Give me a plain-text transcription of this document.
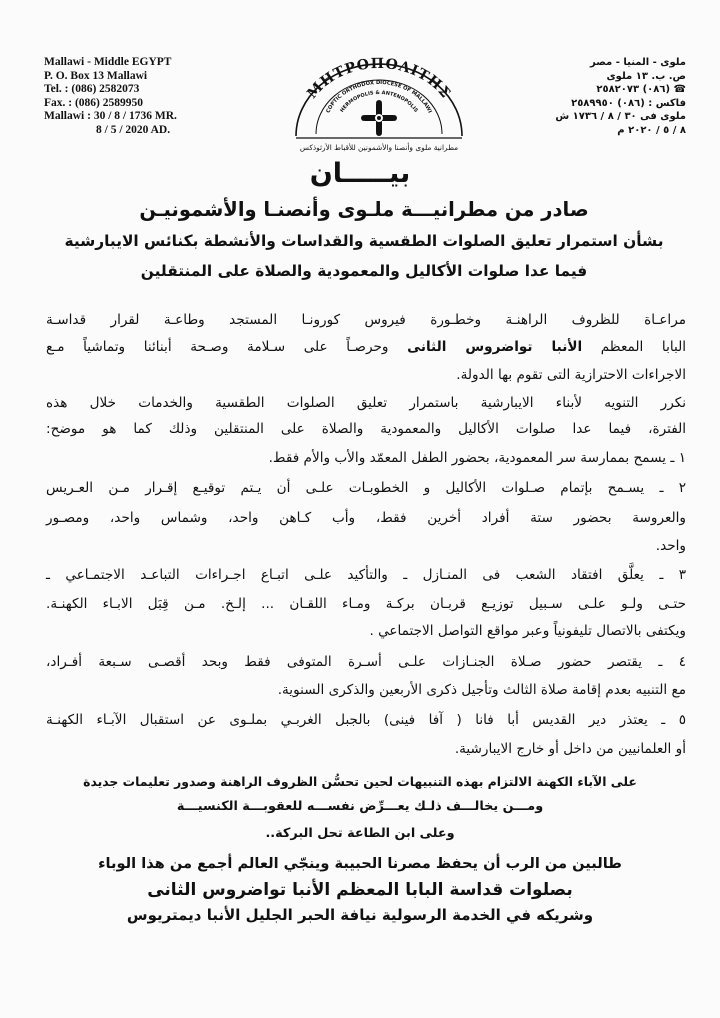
Mallawi - Middle EGYPT
P. O. Box 13 Mallawi
Tel. : (086) 2582073
Fax. : (086) 2589950
Mallawi : 30 / 8 / 1736 MR.
8 / 5 / 2020 AD.
ملوى - المنيا - مصر
ص. ب. ١٣ ملوى
☎ (٠٨٦) ٢٥٨٢٠٧٣
فاكس : (٠٨٦) ٢٥٨٩٩٥٠
ملوى فى ٣٠ / ٨ / ١٧٣٦ ش
٨ / ٥ / ٢٠٢٠ م
ΜΗΤΡΟΠΟΛΙΤΗΣ
COPTIC ORTHODOX DIOCESE OF MALLAWI
HERMOPOLIS & ANTENOPOLIS
مطرانية ملوى وأنصنا والأشمونين للأقباط الأرثوذكس
بيـــــان
صادر من مطرانيـــة ملـوى وأنصنـا والأشمونيـن
بشأن استمرار تعليق الصلوات الطقسية والقداسات والأنشطة بكنائس الايبارشية
فيما عدا صلوات الأكاليل والمعمودية والصلاة على المنتقلين
مراعـاة للظروف الراهنـة وخطـورة فيروس كورونـا المستجد وطاعـة لقرار قداسـة
البابا المعظم الأنبا تواضروس الثانى وحرصـاً على سـلامة وصـحة أبنائنا وتماشياً مـع
الاجراءات الاحترازية التى تقوم بها الدولة.
نكرر التنويه لأبناء الايبارشية باستمرار تعليق الصلوات الطقسية والخدمات خلال هذه
الفترة، فيما عدا صلوات الأكاليل والمعمودية والصلاة على المنتقلين وذلك كما هو موضح:
١ ـ يسمح بممارسة سر المعمودية، بحضور الطفل المعمّد والأب والأم فقط.
٢ ـ يسـمح بإتمام صـلوات الأكاليل و الخطوبـات علـى أن يـتم توقيـع إقـرار مـن العـريس
والعروسة بحضور ستة أفراد أخرين فقط، وأب كـاهن واحد، وشماس واحد، ومصـور
واحد.
٣ ـ يعلَّق افتقاد الشعب فى المنـازل ـ والتأكيد علـى اتبـاع اجـراءات التباعـد الاجتمـاعي ـ
حتـى ولـو علـى سـبيل توزيـع قربـان بركـة ومـاء اللقـان ... إلـخ. مـن قِبَل الابـاء الكهنـة.
ويكتفى بالاتصال تليفونياً وعبر مواقع التواصل الاجتماعي .
٤ ـ يقتصر حضور صـلاة الجنـازات علـى أسـرة المتوفى فقط وبحد أقصـى سـبعة أفـراد،
مع التنبيه بعدم إقامة صلاة الثالث وتأجيل ذكرى الأربعين والذكرى السنوية.
٥ ـ يعتذر دير القديس أبا فانا ( آفا فينى) بالجبل الغربـي بملـوى عن استقبال الآبـاء الكهنـة
أو العلمانيين من داخل أو خارج الايبارشية.
على الآباء الكهنة الالتزام بهذه التنبيهات لحين تحسُّن الظروف الراهنة وصدور تعليمات جديدة
ومـــن يخالـــف ذلـك يعـــرِّض نفســـه للعقوبـــة الكنسيـــة
وعلى ابن الطاعة تحل البركة..
طالبين من الرب أن يحفظ مصرنا الحبيبة وينجّي العالم أجمع من هذا الوباء
بصلوات قداسة البابا المعظم الأنبا تواضروس الثانى
وشريكه في الخدمة الرسولية نيافة الحبر الجليل الأنبا ديمتريوس
